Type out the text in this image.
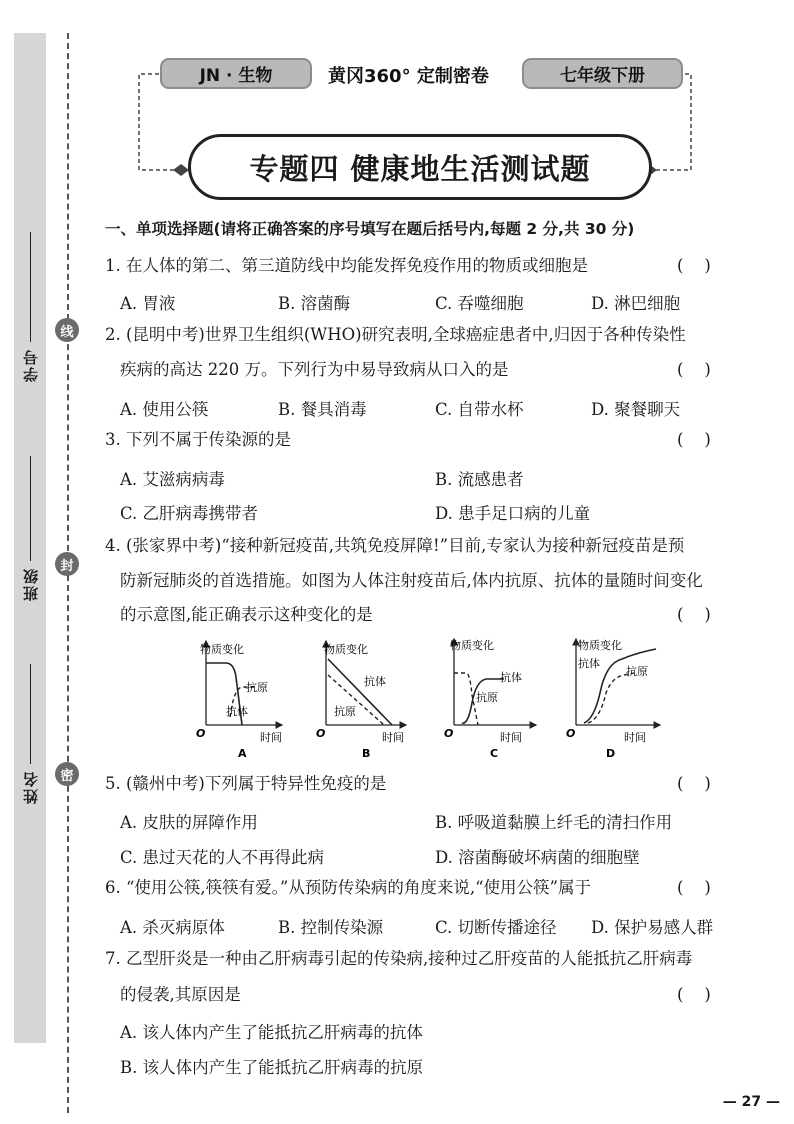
线
封
密
学号
班级
姓名
JN · 生物	黄冈360° 定制密卷	七年级下册
专题四 健康地生活测试题
一、单项选择题(请将正确答案的序号填写在题后括号内,每题 2 分,共 30 分)
1. 在人体的第二、第三道防线中均能发挥免疫作用的物质或细胞是	(    )
A. 胃液	B. 溶菌酶	C. 吞噬细胞	D. 淋巴细胞
2. (昆明中考)世界卫生组织(WHO)研究表明,全球癌症患者中,归因于各种传染性
疾病的高达 220 万。下列行为中易导致病从口入的是	(    )
A. 使用公筷	B. 餐具消毒	C. 自带水杯	D. 聚餐聊天
3. 下列不属于传染源的是	(    )
A. 艾滋病病毒	B. 流感患者
C. 乙肝病毒携带者	D. 患手足口病的儿童
4. (张家界中考)“接种新冠疫苗,共筑免疫屏障!”目前,专家认为接种新冠疫苗是预
防新冠肺炎的首选措施。如图为人体注射疫苗后,体内抗原、抗体的量随时间变化
的示意图,能正确表示这种变化的是	(    )
物质变化
抗原
抗体
O	时间
A
物质变化
抗体
抗原
O	时间
B
物质变化
抗体
抗原
O	时间
C
物质变化
抗体
抗原
O	时间
D
5. (赣州中考)下列属于特异性免疫的是	(    )
A. 皮肤的屏障作用	B. 呼吸道黏膜上纤毛的清扫作用
C. 患过天花的人不再得此病	D. 溶菌酶破坏病菌的细胞壁
6. “使用公筷,筷筷有爱。”从预防传染病的角度来说,“使用公筷”属于	(    )
A. 杀灭病原体	B. 控制传染源	C. 切断传播途径 D. 保护易感人群
7. 乙型肝炎是一种由乙肝病毒引起的传染病,接种过乙肝疫苗的人能抵抗乙肝病毒
的侵袭,其原因是	(    )
A. 该人体内产生了能抵抗乙肝病毒的抗体
B. 该人体内产生了能抵抗乙肝病毒的抗原
— 27 —
